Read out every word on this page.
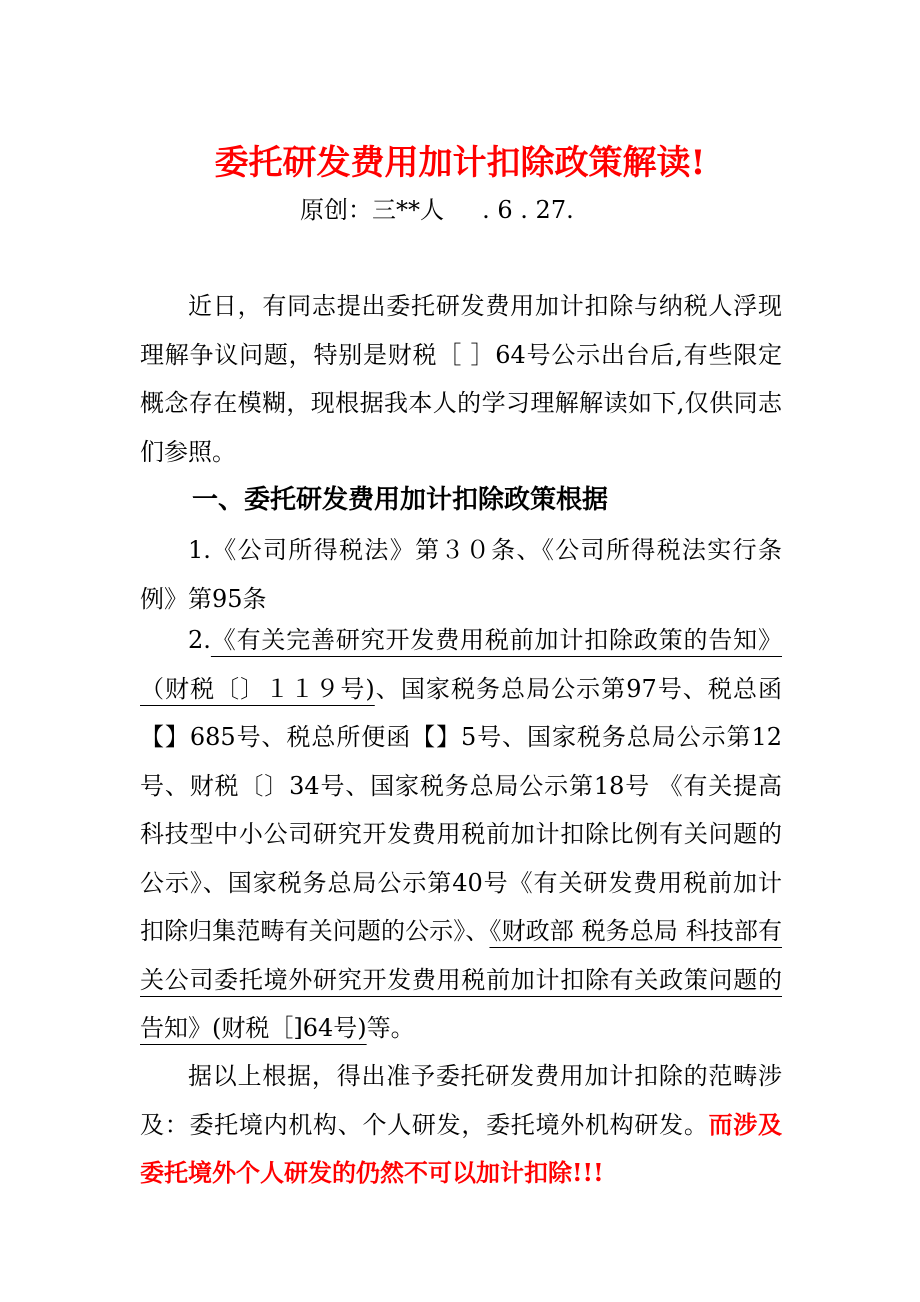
委托研发费用加计扣除政策解读!
原创：三**人     . 6 . 27.
近日，有同志提出委托研发费用加计扣除与纳税人浮现理解争议问题，特别是财税［ ］64号公示出台后,有些限定概念存在模糊，现根据我本人的学习理解解读如下,仅供同志们参照。
一、委托研发费用加计扣除政策根据
1.《公司所得税法》第３０条、《公司所得税法实行条例》第95条
2.《有关完善研究开发费用税前加计扣除政策的告知》（财税〔〕１１９号)、国家税务总局公示第97号、税总函【】685号、税总所便函【】5号、国家税务总局公示第12号、财税〔〕34号、国家税务总局公示第18号 《有关提高科技型中小公司研究开发费用税前加计扣除比例有关问题的公示》、国家税务总局公示第40号《有关研发费用税前加计扣除归集范畴有关问题的公示》、《财政部 税务总局 科技部有关公司委托境外研究开发费用税前加计扣除有关政策问题的告知》(财税［]64号)等。
据以上根据，得出准予委托研发费用加计扣除的范畴涉及：委托境内机构、个人研发，委托境外机构研发。而涉及委托境外个人研发的仍然不可以加计扣除!!!
